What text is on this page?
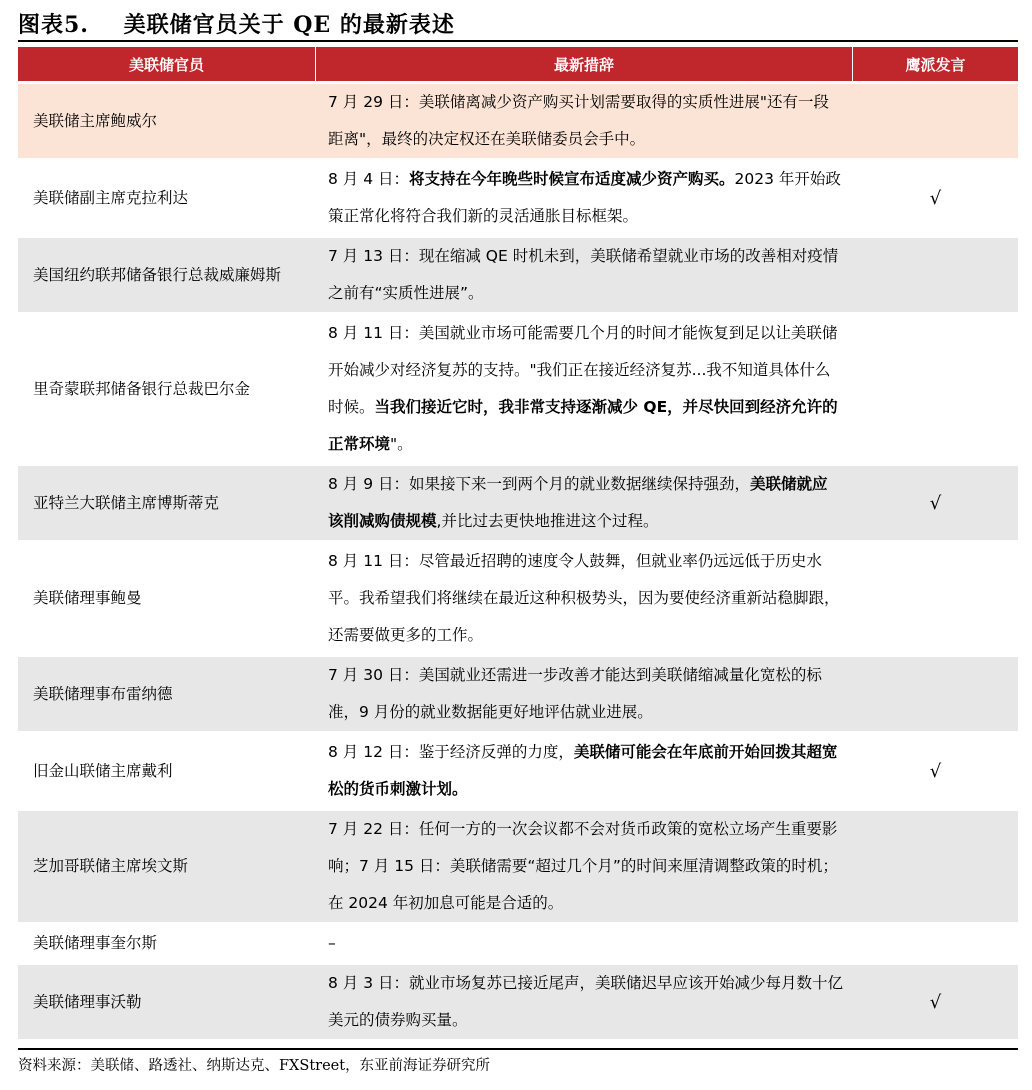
图表5.    美联储官员关于 QE 的最新表述
美联储官员	最新措辞	鹰派发言
美联储主席鲍威尔	7 月 29 日：美联储离减少资产购买计划需要取得的实质性进展"还有一段距离"，最终的决定权还在美联储委员会手中。	
美联储副主席克拉利达	8 月 4 日：将支持在今年晚些时候宣布适度减少资产购买。2023 年开始政策正常化将符合我们新的灵活通胀目标框架。	√
美国纽约联邦储备银行总裁威廉姆斯	7 月 13 日：现在缩减 QE 时机未到，美联储希望就业市场的改善相对疫情之前有“实质性进展”。	
里奇蒙联邦储备银行总裁巴尔金	8 月 11 日：美国就业市场可能需要几个月的时间才能恢复到足以让美联储开始减少对经济复苏的支持。"我们正在接近经济复苏...我不知道具体什么时候。当我们接近它时，我非常支持逐渐减少 QE，并尽快回到经济允许的正常环境"。	
亚特兰大联储主席博斯蒂克	8 月 9 日：如果接下来一到两个月的就业数据继续保持强劲，美联储就应该削减购债规模,并比过去更快地推进这个过程。	√
美联储理事鲍曼	8 月 11 日：尽管最近招聘的速度令人鼓舞，但就业率仍远远低于历史水平。我希望我们将继续在最近这种积极势头，因为要使经济重新站稳脚跟，还需要做更多的工作。	
美联储理事布雷纳德	7 月 30 日：美国就业还需进一步改善才能达到美联储缩减量化宽松的标准，9 月份的就业数据能更好地评估就业进展。	
旧金山联储主席戴利	8 月 12 日：鉴于经济反弹的力度，美联储可能会在年底前开始回拨其超宽松的货币刺激计划。	√
芝加哥联储主席埃文斯	7 月 22 日：任何一方的一次会议都不会对货币政策的宽松立场产生重要影响；7 月 15 日：美联储需要“超过几个月”的时间来厘清调整政策的时机；在 2024 年初加息可能是合适的。	
美联储理事奎尔斯	–	
美联储理事沃勒	8 月 3 日：就业市场复苏已接近尾声，美联储迟早应该开始减少每月数十亿美元的债券购买量。	√
资料来源：美联储、路透社、纳斯达克、FXStreet，东亚前海证券研究所
